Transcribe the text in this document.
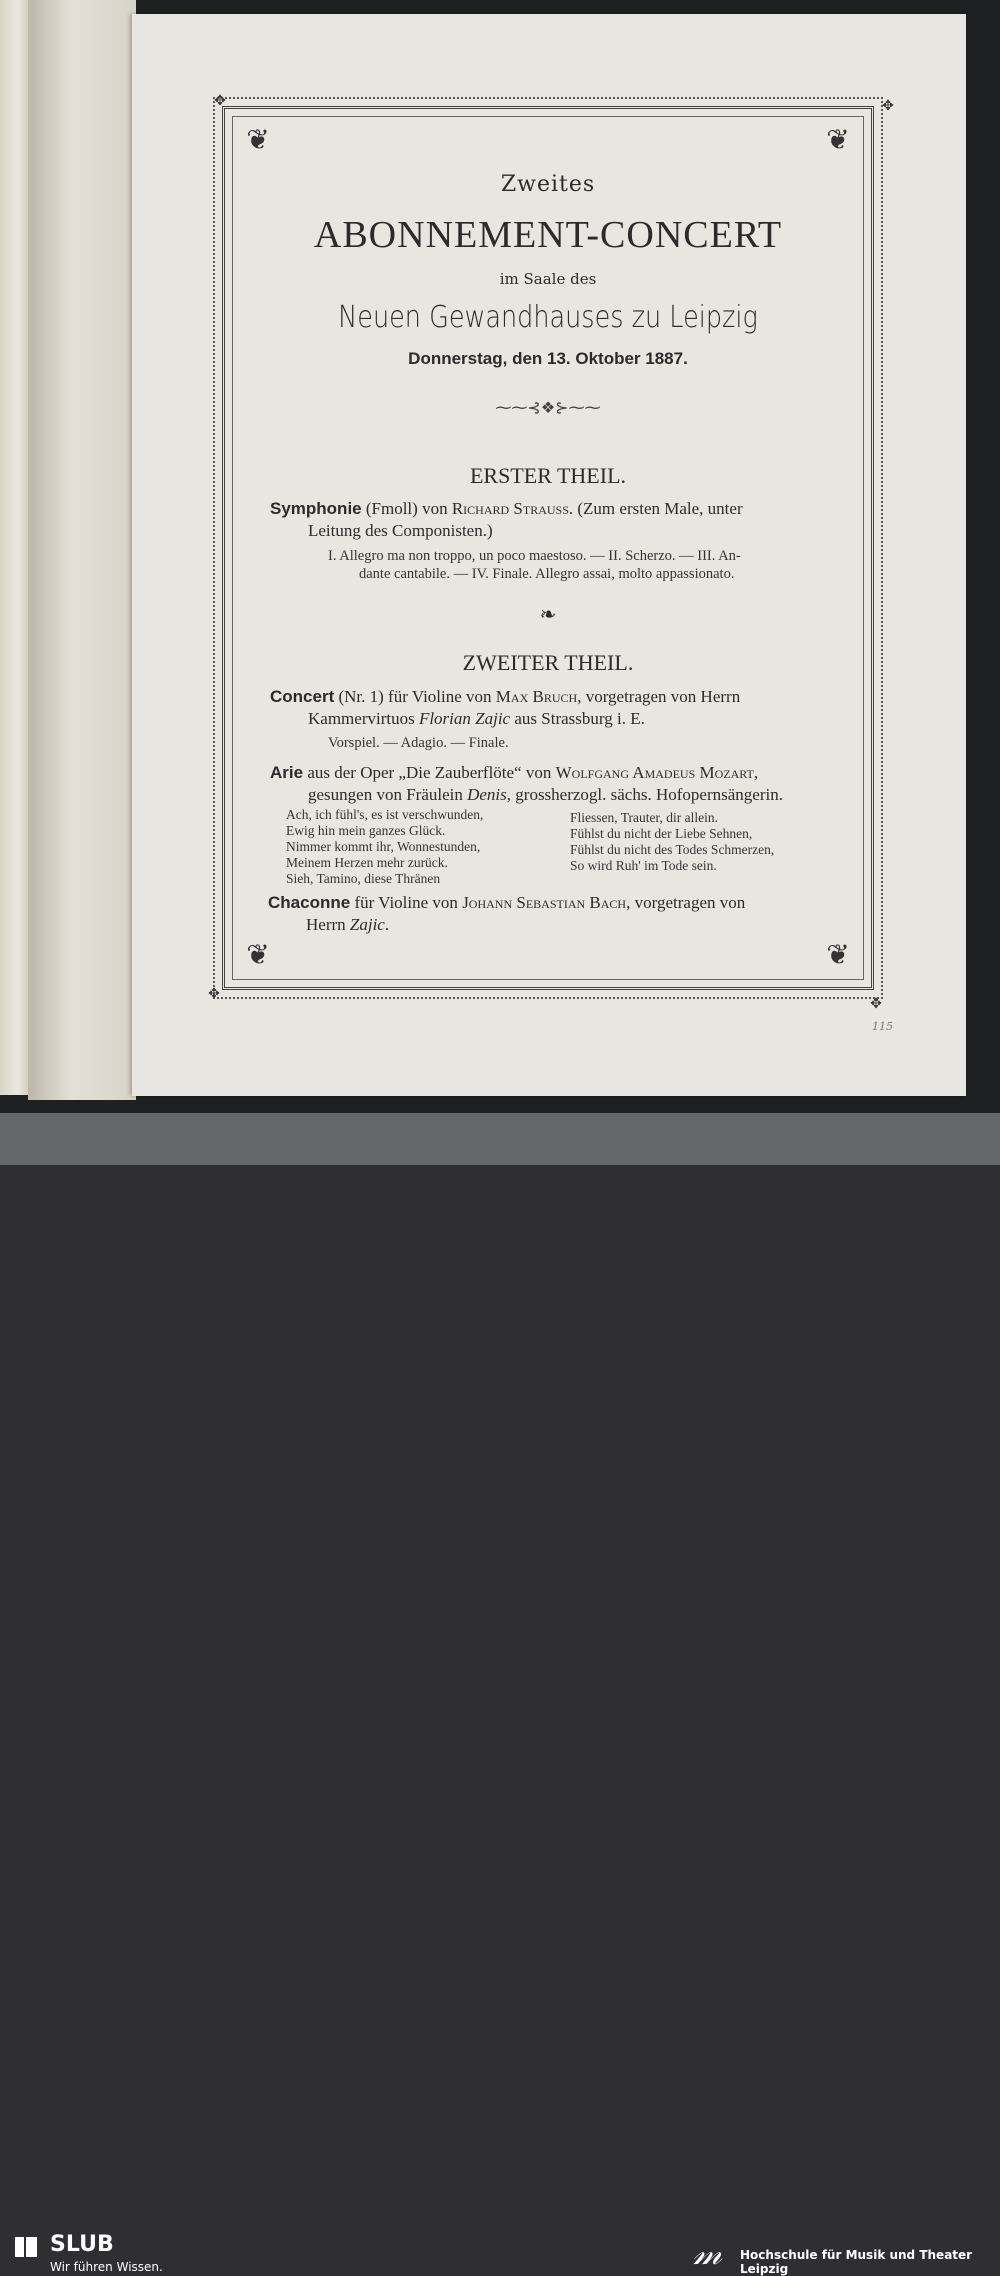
❦	❦
❦	❦
✥	✥
✥
✥
Zweites
ABONNEMENT-CONCERT
im Saale des
Neuen Gewandhauses zu Leipzig
Donnerstag, den 13. Oktober 1887.
⁓⁓⊰❖⊱⁓⁓
ERSTER THEIL.
Symphonie (Fmoll) von Richard Strauss. (Zum ersten Male, unter
Leitung des Componisten.)
I. Allegro ma non troppo, un poco maestoso. — II. Scherzo. — III. An-
dante cantabile. — IV. Finale. Allegro assai, molto appassionato.
❧
ZWEITER THEIL.
Concert (Nr. 1) für Violine von Max Bruch, vorgetragen von Herrn
Kammervirtuos Florian Zajic aus Strassburg i. E.
Vorspiel. — Adagio. — Finale.
Arie aus der Oper „Die Zauberflöte“ von Wolfgang Amadeus Mozart,
gesungen von Fräulein Denis, grossherzogl. sächs. Hofopernsängerin.
Ach, ich fühl's, es ist verschwunden,
Ewig hin mein ganzes Glück.
Nimmer kommt ihr, Wonnestunden,
Meinem Herzen mehr zurück.
Sieh, Tamino, diese Thränen
Fliessen, Trauter, dir allein.
Fühlst du nicht der Liebe Sehnen,
Fühlst du nicht des Todes Schmerzen,
So wird Ruh' im Tode sein.
Chaconne für Violine von Johann Sebastian Bach, vorgetragen von
Herrn Zajic.
115
SLUB
Wir führen Wissen.	𝓂	Hochschule für Musik und Theater Leipzig
